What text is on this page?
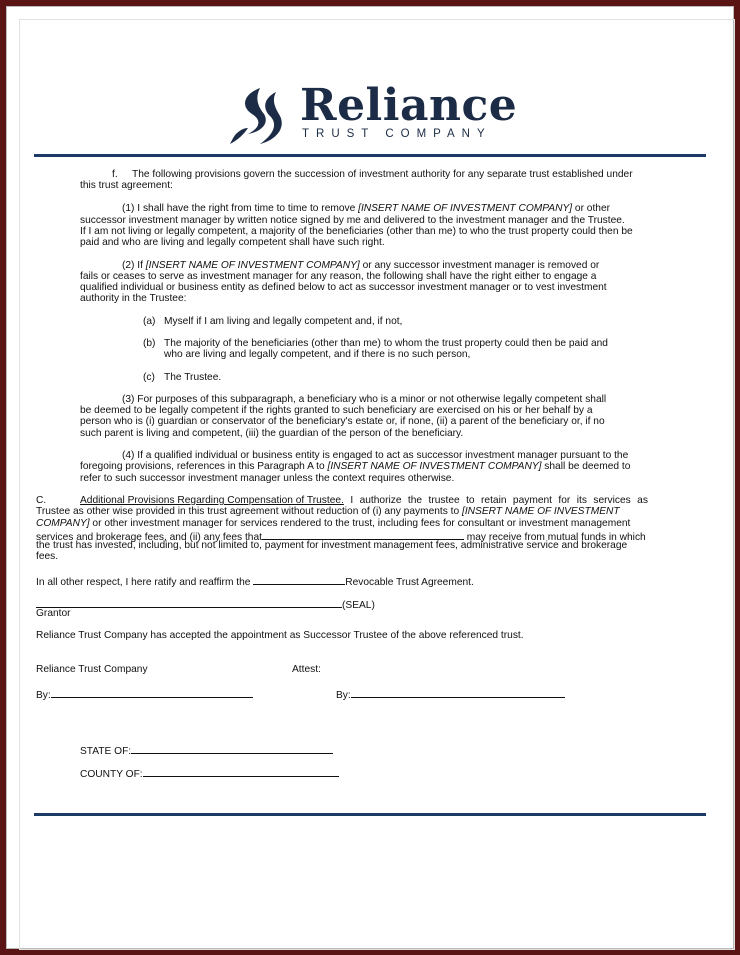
Reliance
TRUST COMPANY
f. The following provisions govern the succession of investment authority for any separate trust established under
this trust agreement:
(1) I shall have the right from time to time to remove [INSERT NAME OF INVESTMENT COMPANY] or other
successor investment manager by written notice signed by me and delivered to the investment manager and the Trustee.
If I am not living or legally competent, a majority of the beneficiaries (other than me) to who the trust property could then be
paid and who are living and legally competent shall have such right.
(2) If [INSERT NAME OF INVESTMENT COMPANY] or any successor investment manager is removed or
fails or ceases to serve as investment manager for any reason, the following shall have the right either to engage a
qualified individual or business entity as defined below to act as successor investment manager or to vest investment
authority in the Trustee:
(a) Myself if I am living and legally competent and, if not,
(b) The majority of the beneficiaries (other than me) to whom the trust property could then be paid and
who are living and legally competent, and if there is no such person,
(c) The Trustee.
(3) For purposes of this subparagraph, a beneficiary who is a minor or not otherwise legally competent shall
be deemed to be legally competent if the rights granted to such beneficiary are exercised on his or her behalf by a
person who is (i) guardian or conservator of the beneficiary's estate or, if none, (ii) a parent of the beneficiary or, if no
such parent is living and competent, (iii) the guardian of the person of the beneficiary.
(4) If a qualified individual or business entity is engaged to act as successor investment manager pursuant to the
foregoing provisions, references in this Paragraph A to [INSERT NAME OF INVESTMENT COMPANY] shall be deemed to
refer to such successor investment manager unless the context requires otherwise.
C.	Additional Provisions Regarding Compensation of Trustee. I authorize the trustee to retain payment for its services as
Trustee as other wise provided in this trust agreement without reduction of (i) any payments to [INSERT NAME OF INVESTMENT
COMPANY] or other investment manager for services rendered to the trust, including fees for consultant or investment management
services and brokerage fees, and (ii) any fees that	may receive from mutual funds in which
the trust has invested, including, but not limited to, payment for investment management fees, administrative service and brokerage
fees.
In all other respect, I here ratify and reaffirm the	Revocable Trust Agreement.
(SEAL)
Grantor
Reliance Trust Company has accepted the appointment as Successor Trustee of the above referenced trust.
Reliance Trust Company	Attest:
By:	By:
STATE OF:
COUNTY OF:
